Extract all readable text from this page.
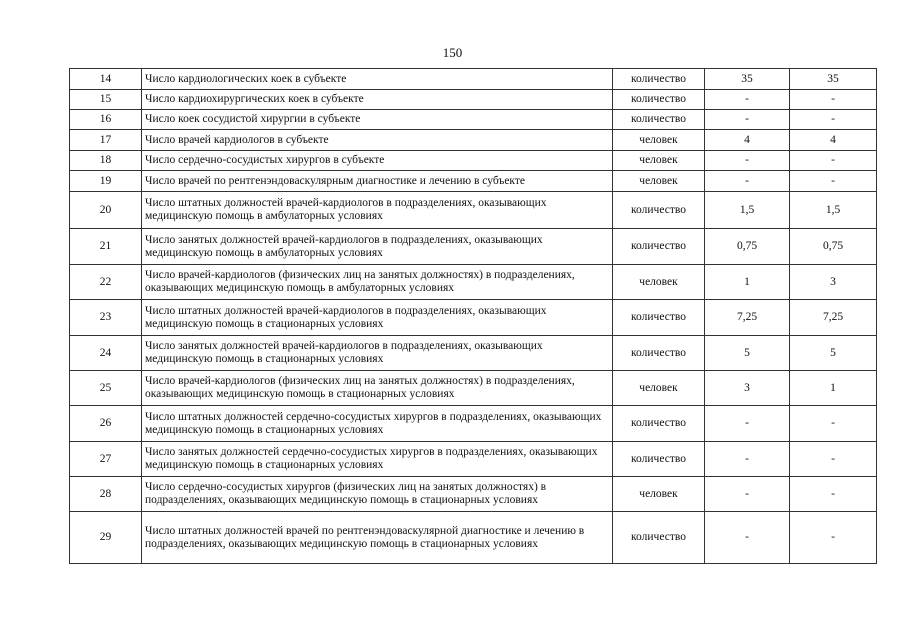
150
14	Число кардиологических коек в субъекте	количество	35	35
15	Число кардиохирургических коек в субъекте	количество	-	-
16	Число коек сосудистой хирургии в субъекте	количество	-	-
17	Число врачей кардиологов в субъекте	человек	4	4
18	Число сердечно-сосудистых хирургов в субъекте	человек	-	-
19	Число врачей по рентгенэндоваскулярным диагностике и лечению в субъекте	человек	-	-
20	Число штатных должностей врачей-кардиологов в подразделениях, оказывающих медицинскую помощь в амбулаторных условиях	количество	1,5	1,5
21	Число занятых должностей врачей-кардиологов в подразделениях, оказывающих медицинскую помощь в амбулаторных условиях	количество	0,75	0,75
22	Число врачей-кардиологов (физических лиц на занятых должностях) в подразделениях, оказывающих медицинскую помощь в амбулаторных условиях	человек	1	3
23	Число штатных должностей врачей-кардиологов в подразделениях, оказывающих медицинскую помощь в стационарных условиях	количество	7,25	7,25
24	Число занятых должностей врачей-кардиологов в подразделениях, оказывающих медицинскую помощь в стационарных условиях	количество	5	5
25	Число врачей-кардиологов (физических лиц на занятых должностях) в подразделениях, оказывающих медицинскую помощь в стационарных условиях	человек	3	1
26	Число штатных должностей сердечно-сосудистых хирургов в подразделениях, оказывающих медицинскую помощь в стационарных условиях	количество	-	-
27	Число занятых должностей сердечно-сосудистых хирургов в подразделениях, оказывающих медицинскую помощь в стационарных условиях	количество	-	-
28	Число сердечно-сосудистых хирургов (физических лиц на занятых должностях) в подразделениях, оказывающих медицинскую помощь в стационарных условиях	человек	-	-
29	Число штатных должностей врачей по рентгенэндоваскулярной диагностике и лечению в подразделениях, оказывающих медицинскую помощь в стационарных условиях	количество	-	-
